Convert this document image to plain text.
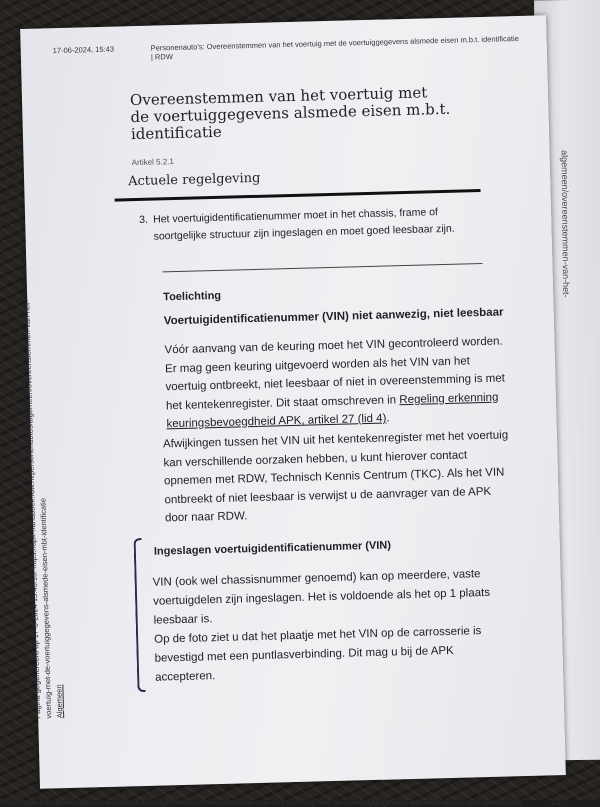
algemeen/overeenstemmen-van-het-
17-06-2024, 15:43	Personenauto's: Overeenstemmen van het voertuig met de voertuiggegevens alsmede eisen m.b.t. identificatie | RDW
Overeenstemmen van het voertuig met de voertuiggegevens alsmede eisen m.b.t. identificatie
Artikel 5.2.1
Actuele regelgeving
3. Het voertuigidentificatienummer moet in het chassis, frame of soortgelijke structuur zijn ingeslagen en moet goed leesbaar zijn.
Toelichting
Voertuigidentificatienummer (VIN) niet aanwezig, niet leesbaar
Vóór aanvang van de keuring moet het VIN gecontroleerd worden. Er mag geen keuring uitgevoerd worden als het VIN van het voertuig ontbreekt, niet leesbaar of niet in overeenstemming is met het kentekenregister. Dit staat omschreven in Regeling erkenning keuringsbevoegdheid APK, artikel 27 (lid 4).
Afwijkingen tussen het VIN uit het kentekenregister met het voertuig kan verschillende oorzaken hebben, u kunt hierover contact opnemen met RDW, Technisch Kennis Centrum (TKC). Als het VIN ontbreekt of niet leesbaar is verwijst u de aanvrager van de APK door naar RDW.
Ingeslagen voertuigidentificatienummer (VIN)
VIN (ook wel chassisnummer genoemd) kan op meerdere, vaste voertuigdelen zijn ingeslagen. Het is voldoende als het op 1 plaats leesbaar is.
Op de foto ziet u dat het plaatje met het VIN op de carrosserie is bevestigd met een puntlasverbinding. Dit mag u bij de APK accepteren.
Pagina gegenereerd op 17-6-2024 15:43:13. https://apk-handboek.rdw.nl/personenautos/algemeen/overeenstemmen-van-het-
voertuig-met-de-voertuiggegevens-alsmede-eisen-mbt-identificatie Algemeen
https://apk-handboek.rdw.nl/personenautos/algemeen/overeenstemmen-van-het-voertuig-met-de-voertuiggegevens-alsmede-eisen-mbt-identificatie	1/2
